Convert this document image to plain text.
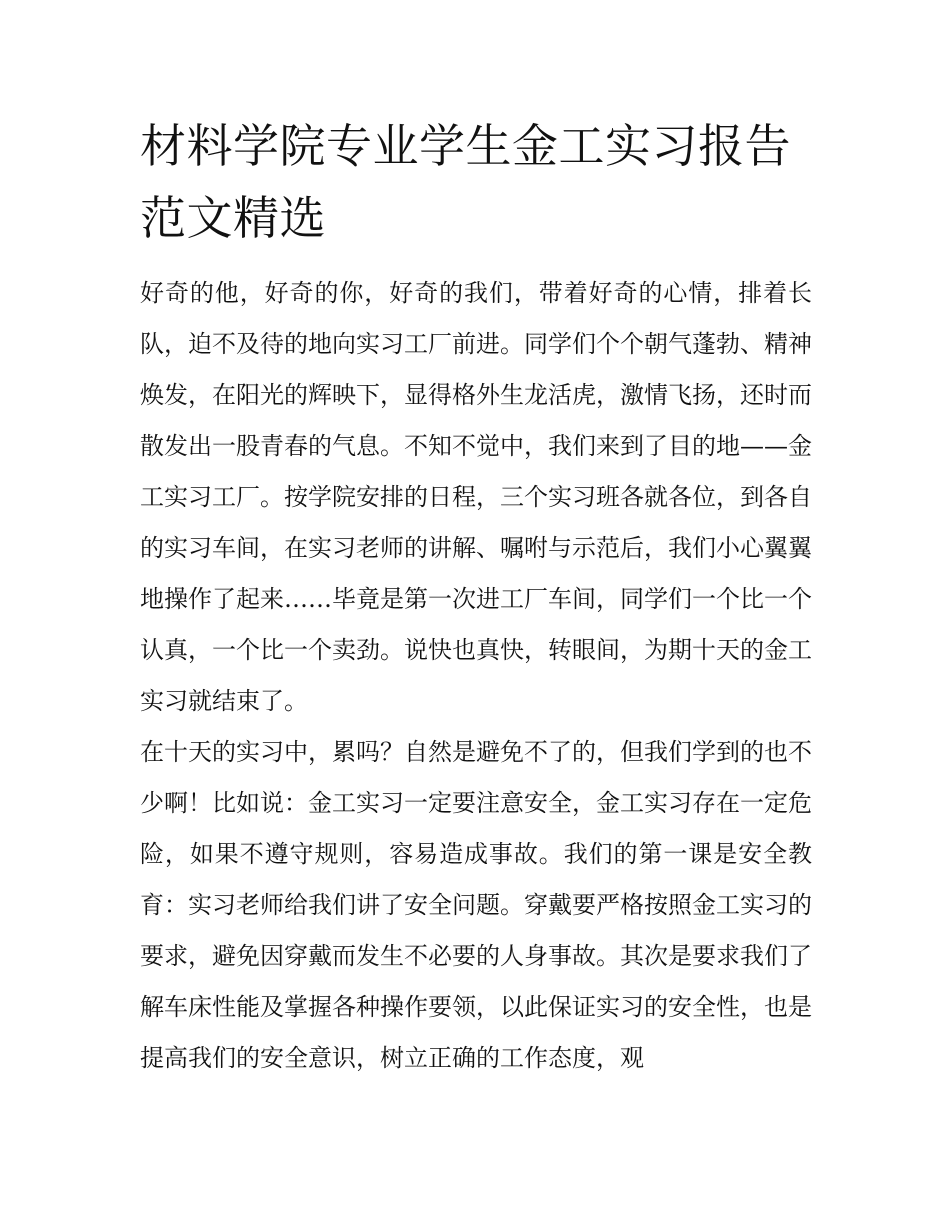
材料学院专业学生金工实习报告范文精选

好奇的他，好奇的你，好奇的我们，带着好奇的心情，排着长队，迫不及待的地向实习工厂前进。同学们个个朝气蓬勃、精神焕发，在阳光的辉映下，显得格外生龙活虎，激情飞扬，还时而散发出一股青春的气息。不知不觉中，我们来到了目的地——金工实习工厂。按学院安排的日程，三个实习班各就各位，到各自的实习车间，在实习老师的讲解、嘱咐与示范后，我们小心翼翼地操作了起来……毕竟是第一次进工厂车间，同学们一个比一个认真，一个比一个卖劲。说快也真快，转眼间，为期十天的金工实习就结束了。

在十天的实习中，累吗？自然是避免不了的，但我们学到的也不少啊！比如说：金工实习一定要注意安全，金工实习存在一定危险，如果不遵守规则，容易造成事故。我们的第一课是安全教育：实习老师给我们讲了安全问题。穿戴要严格按照金工实习的要求，避免因穿戴而发生不必要的人身事故。其次是要求我们了解车床性能及掌握各种操作要领，以此保证实习的安全性，也是提高我们的安全意识，树立正确的工作态度，观
